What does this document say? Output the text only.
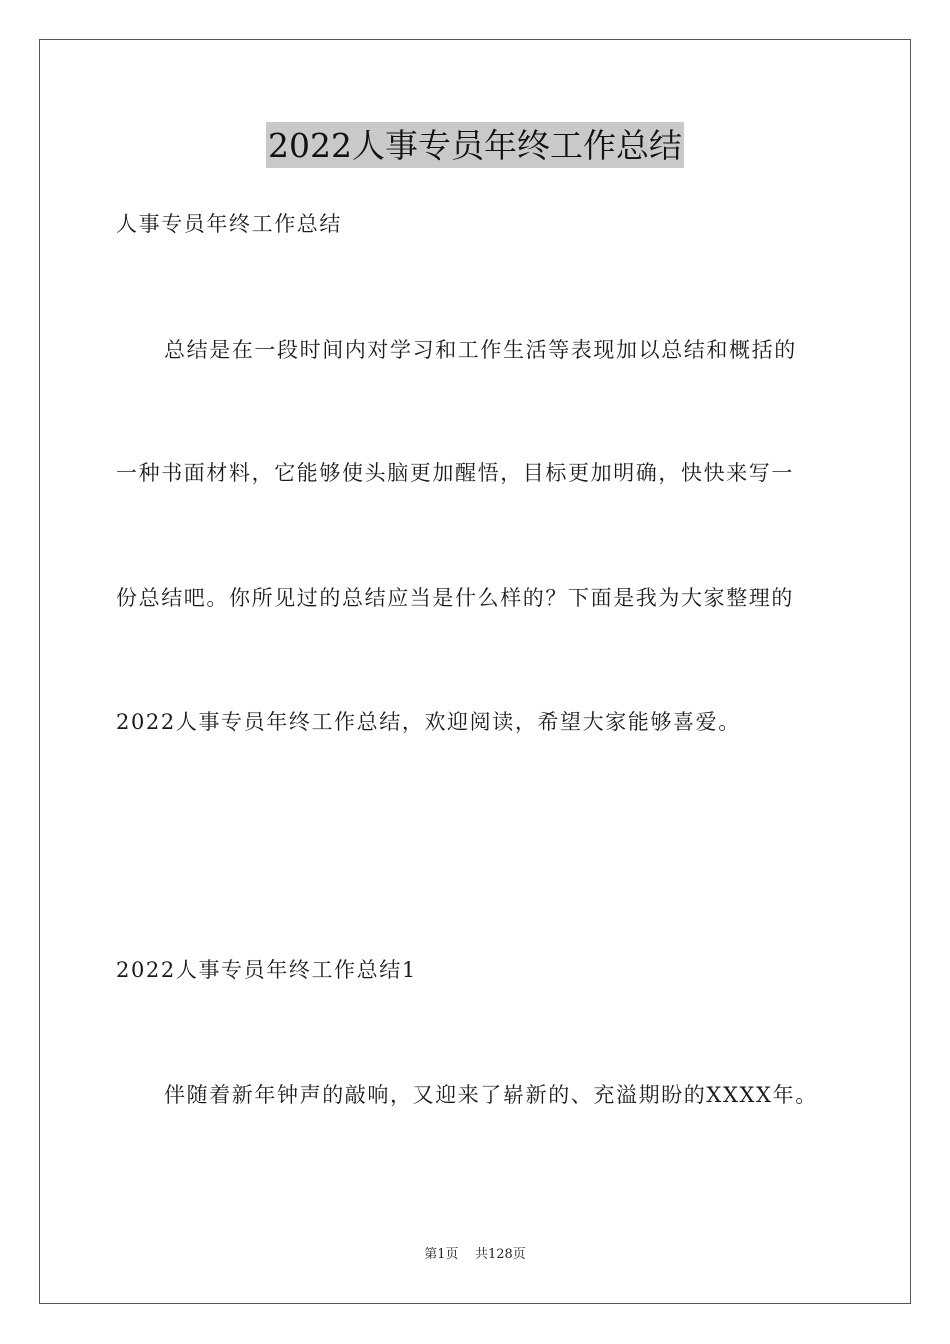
2022人事专员年终工作总结
人事专员年终工作总结
总结是在一段时间内对学习和工作生活等表现加以总结和概括的
一种书面材料，它能够使头脑更加醒悟，目标更加明确，快快来写一
份总结吧。你所见过的总结应当是什么样的？下面是我为大家整理的
2022人事专员年终工作总结，欢迎阅读，希望大家能够喜爱。
2022人事专员年终工作总结1
伴随着新年钟声的敲响，又迎来了崭新的、充溢期盼的XXXX年。
第1页    共128页
